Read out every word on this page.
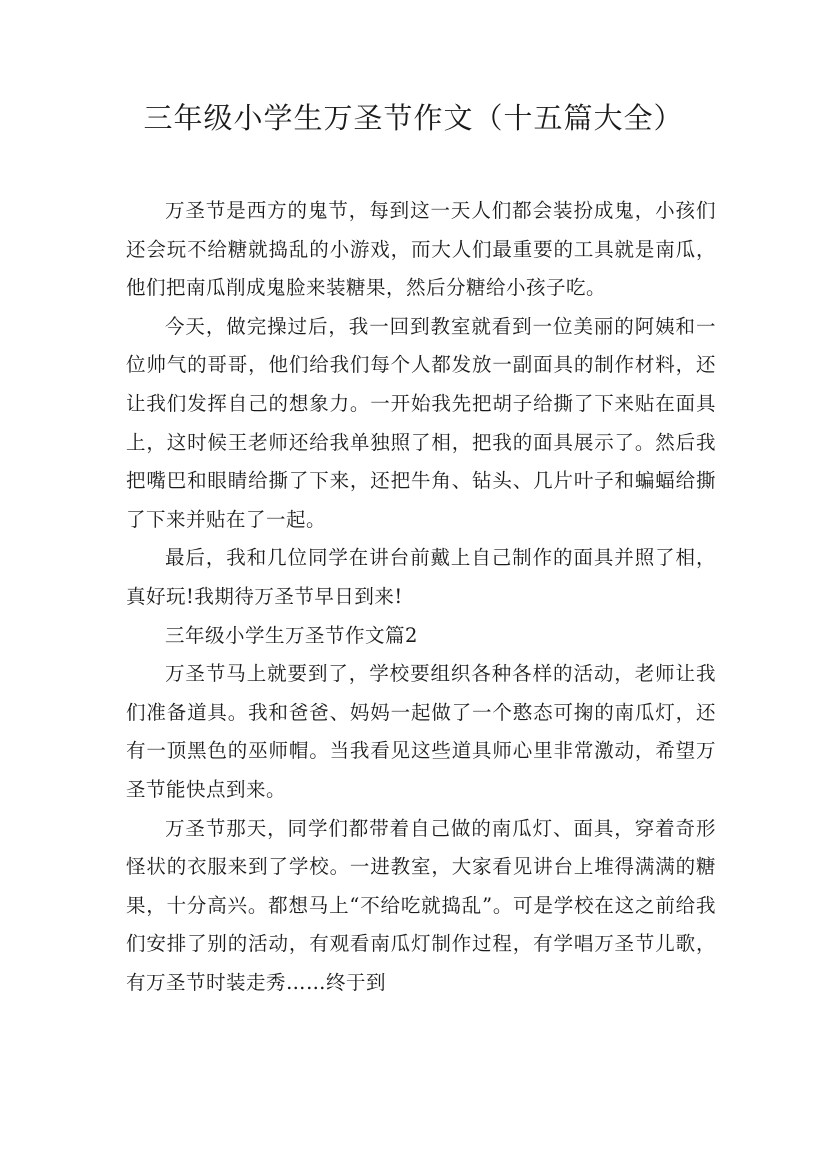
三年级小学生万圣节作文（十五篇大全）

万圣节是西方的鬼节，每到这一天人们都会装扮成鬼，小孩们还会玩不给糖就捣乱的小游戏，而大人们最重要的工具就是南瓜，他们把南瓜削成鬼脸来装糖果，然后分糖给小孩子吃。

今天，做完操过后，我一回到教室就看到一位美丽的阿姨和一位帅气的哥哥，他们给我们每个人都发放一副面具的制作材料，还让我们发挥自己的想象力。一开始我先把胡子给撕了下来贴在面具上，这时候王老师还给我单独照了相，把我的面具展示了。然后我把嘴巴和眼睛给撕了下来，还把牛角、钻头、几片叶子和蝙蝠给撕了下来并贴在了一起。

最后，我和几位同学在讲台前戴上自己制作的面具并照了相，真好玩!我期待万圣节早日到来!

三年级小学生万圣节作文篇2

万圣节马上就要到了，学校要组织各种各样的活动，老师让我们准备道具。我和爸爸、妈妈一起做了一个憨态可掬的南瓜灯，还有一顶黑色的巫师帽。当我看见这些道具师心里非常激动，希望万圣节能快点到来。

万圣节那天，同学们都带着自己做的南瓜灯、面具，穿着奇形怪状的衣服来到了学校。一进教室，大家看见讲台上堆得满满的糖果，十分高兴。都想马上“不给吃就捣乱”。可是学校在这之前给我们安排了别的活动，有观看南瓜灯制作过程，有学唱万圣节儿歌，有万圣节时装走秀……终于到
